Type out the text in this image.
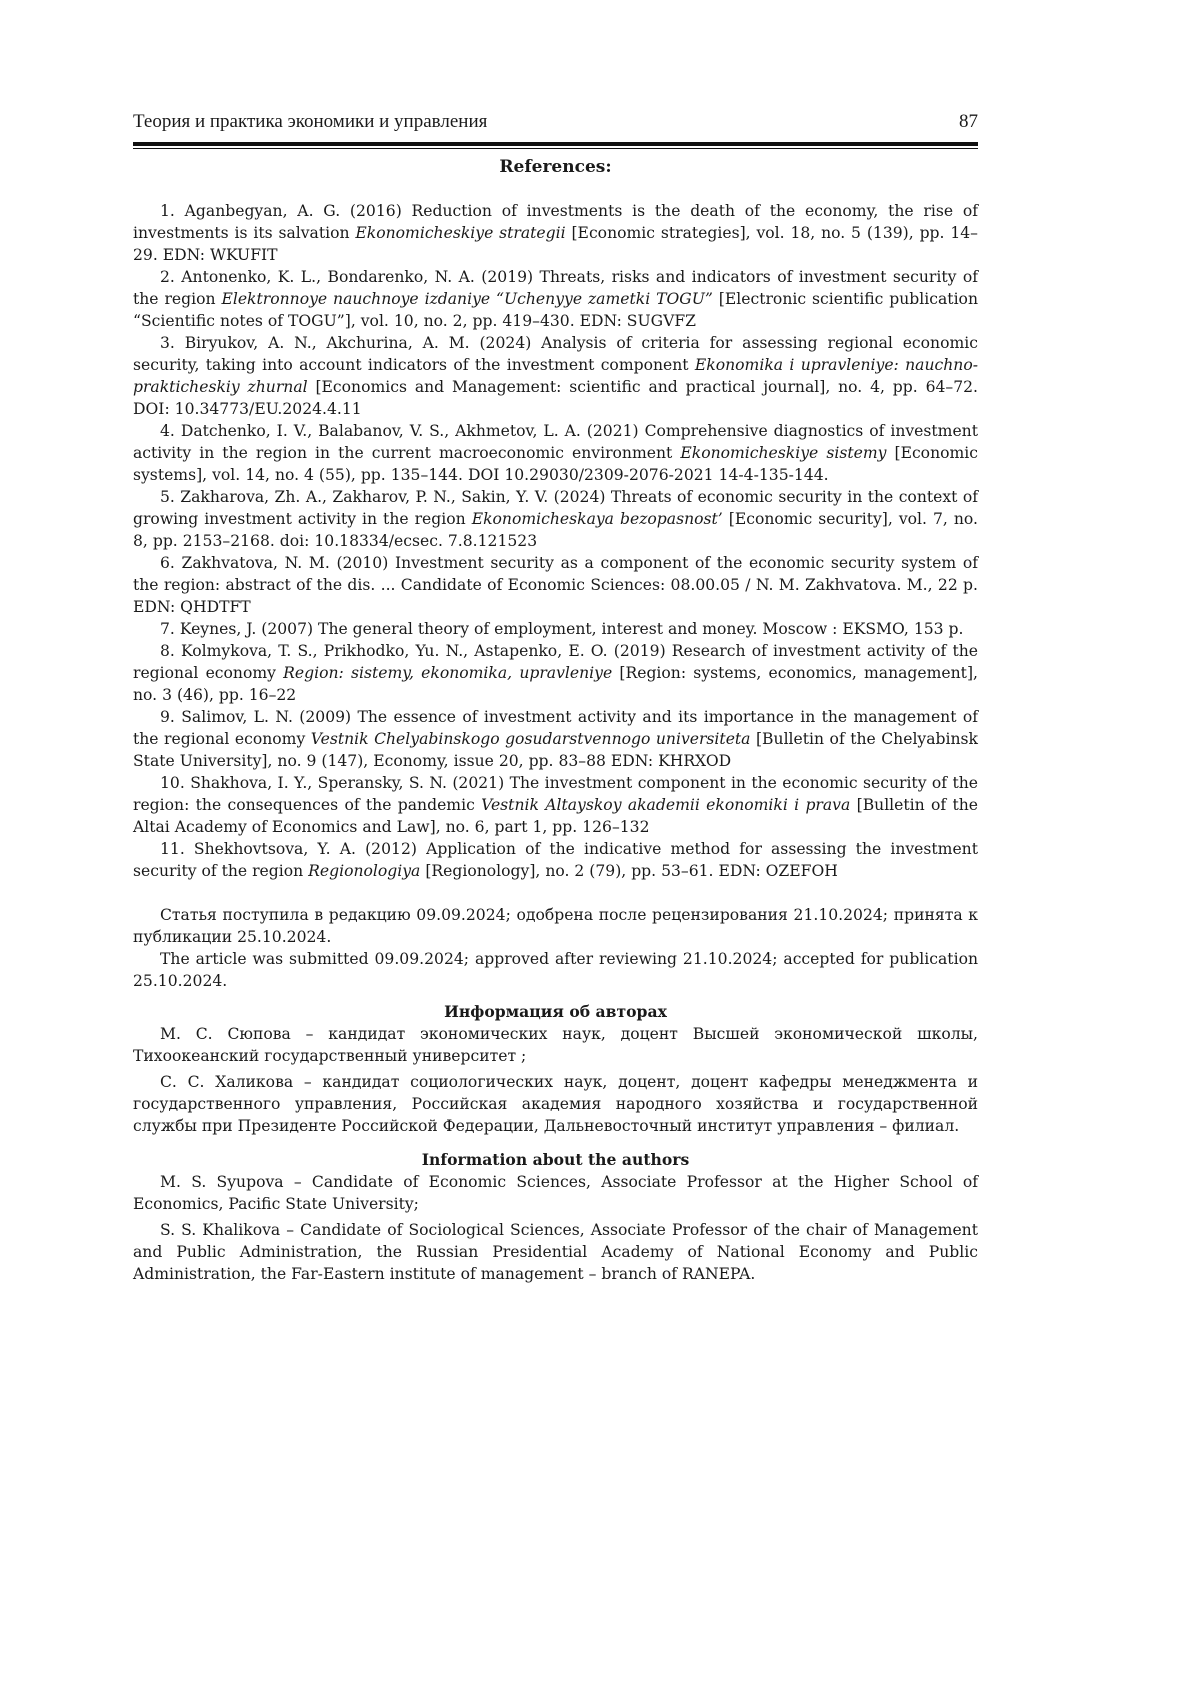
Теория и практика экономики и управления	87
References:

1. Aganbegyan, A. G. (2016) Reduction of investments is the death of the economy, the rise of investments is its salvation Ekonomicheskiye strategii [Economic strategies], vol. 18, no. 5 (139), pp. 14–29. EDN: WKUFIT

2. Antonenko, K. L., Bondarenko, N. A. (2019) Threats, risks and indicators of investment security of the region Elektronnoye nauchnoye izdaniye “Uchenyye zametki TOGU” [Electronic scientific publication “Scientific notes of TOGU”], vol. 10, no. 2, pp. 419–430. EDN: SUGVFZ

3. Biryukov, A. N., Akchurina, A. M. (2024) Analysis of criteria for assessing regional economic security, taking into account indicators of the investment component Ekonomika i upravleniye: nauchno-prakticheskiy zhurnal [Economics and Management: scientific and practical journal], no. 4, pp. 64–72. DOI: 10.34773/EU.2024.4.11

4. Datchenko, I. V., Balabanov, V. S., Akhmetov, L. A. (2021) Comprehensive diagnostics of investment activity in the region in the current macroeconomic environment Ekonomicheskiye sistemy [Economic systems], vol. 14, no. 4 (55), pp. 135–144. DOI 10.29030/2309-2076-2021 14-4-135-144.

5. Zakharova, Zh. A., Zakharov, P. N., Sakin, Y. V. (2024) Threats of economic security in the context of growing investment activity in the region Ekonomicheskaya bezopasnost’ [Economic security], vol. 7, no. 8, pp. 2153–2168. doi: 10.18334/ecsec. 7.8.121523

6. Zakhvatova, N. M. (2010) Investment security as a component of the economic security system of the region: abstract of the dis. ... Candidate of Economic Sciences: 08.00.05 / N. M. Zakhvatova. M., 22 p. EDN: QHDTFT

7. Keynes, J. (2007) The general theory of employment, interest and money. Moscow : EKSMO, 153 p.

8. Kolmykova, T. S., Prikhodko, Yu. N., Astapenko, E. O. (2019) Research of investment activity of the regional economy Region: sistemy, ekonomika, upravleniye [Region: systems, economics, management], no. 3 (46), pp. 16–22

9. Salimov, L. N. (2009) The essence of investment activity and its importance in the management of the regional economy Vestnik Chelyabinskogo gosudarstvennogo universiteta [Bulletin of the Chelyabinsk State University], no. 9 (147), Economy, issue 20, pp. 83–88 EDN: KHRXOD

10. Shakhova, I. Y., Speransky, S. N. (2021) The investment component in the economic security of the region: the consequences of the pandemic Vestnik Altayskoy akademii ekonomiki i prava [Bulletin of the Altai Academy of Economics and Law], no. 6, part 1, pp. 126–132

11. Shekhovtsova, Y. A. (2012) Application of the indicative method for assessing the investment security of the region Regionologiya [Regionology], no. 2 (79), pp. 53–61. EDN: OZEFOH

Статья поступила в редакцию 09.09.2024; одобрена после рецензирования 21.10.2024; принята к публикации 25.10.2024.

The article was submitted 09.09.2024; approved after reviewing 21.10.2024; accepted for publication 25.10.2024.

Информация об авторах

М. С. Сюпова – кандидат экономических наук, доцент Высшей экономической школы, Тихоокеанский государственный университет ;

С. С. Халикова – кандидат социологических наук, доцент, доцент кафедры менеджмента и государственного управления, Российская академия народного хозяйства и государственной службы при Президенте Российской Федерации, Дальневосточный институт управления – филиал.

Information about the authors

M. S. Syupova – Candidate of Economic Sciences, Associate Professor at the Higher School of Economics, Pacific State University;

S. S. Khalikova – Candidate of Sociological Sciences, Associate Professor of the chair of Management and Public Administration, the Russian Presidential Academy of National Economy and Public Administration, the Far-Eastern institute of management – branch of RANEPA.
